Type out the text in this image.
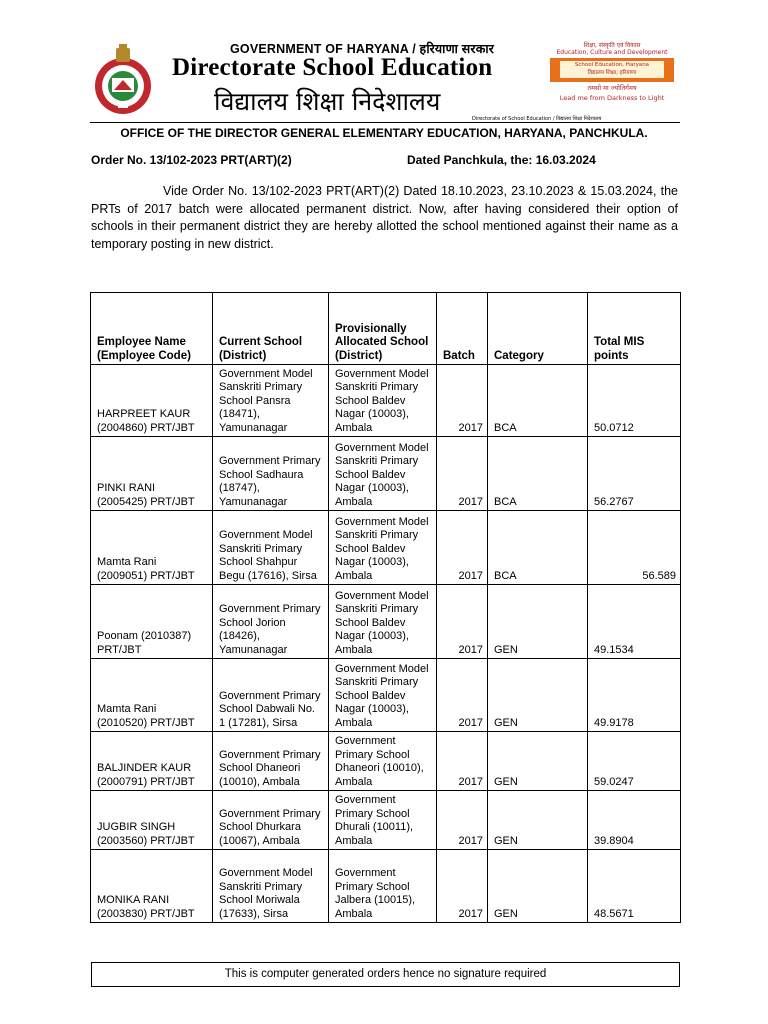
GOVERNMENT OF HARYANA / हरियाणा सरकार
Directorate School Education
विद्यालय शिक्षा निदेशालय
शिक्षा, संस्कृति एवं विकास
Education, Culture and Development
School Education, Haryana
विद्यालय शिक्षा, हरियाणा
तमसो मा ज्योतिर्गमय
Lead me from Darkness to Light
Directorate of School Education / विद्यालय शिक्षा निदेशालय
OFFICE OF THE DIRECTOR GENERAL ELEMENTARY EDUCATION, HARYANA, PANCHKULA.
Order No. 13/102-2023 PRT(ART)(2)	Dated Panchkula, the: 16.03.2024
Vide Order No. 13/102-2023 PRT(ART)(2) Dated 18.10.2023, 23.10.2023 & 15.03.2024, the PRTs of 2017 batch were allocated permanent district. Now, after having considered their option of schools in their permanent district they are hereby allotted the school mentioned against their name as a temporary posting in new district.
Employee Name (Employee Code)	Current School (District)	Provisionally Allocated School (District)	Batch	Category	Total MIS points
HARPREET KAUR (2004860) PRT/JBT	Government Model Sanskriti Primary School Pansra (18471), Yamunanagar	Government Model Sanskriti Primary School Baldev Nagar (10003), Ambala	2017	BCA	50.0712
PINKI RANI (2005425) PRT/JBT	Government Primary School Sadhaura (18747), Yamunanagar	Government Model Sanskriti Primary School Baldev Nagar (10003), Ambala	2017	BCA	56.2767
Mamta Rani (2009051) PRT/JBT	Government Model Sanskriti Primary School Shahpur Begu (17616), Sirsa	Government Model Sanskriti Primary School Baldev Nagar (10003), Ambala	2017	BCA	56.589
Poonam (2010387) PRT/JBT	Government Primary School Jorion (18426), Yamunanagar	Government Model Sanskriti Primary School Baldev Nagar (10003), Ambala	2017	GEN	49.1534
Mamta Rani (2010520) PRT/JBT	Government Primary School Dabwali No. 1 (17281), Sirsa	Government Model Sanskriti Primary School Baldev Nagar (10003), Ambala	2017	GEN	49.9178
BALJINDER KAUR (2000791) PRT/JBT	Government Primary School Dhaneori (10010), Ambala	Government Primary School Dhaneori (10010), Ambala	2017	GEN	59.0247
JUGBIR SINGH (2003560) PRT/JBT	Government Primary School Dhurkara (10067), Ambala	Government Primary School Dhurali (10011), Ambala	2017	GEN	39.8904
MONIKA RANI (2003830) PRT/JBT	Government Model Sanskriti Primary School Moriwala (17633), Sirsa	Government Primary School Jalbera (10015), Ambala	2017	GEN	48.5671
This is computer generated orders hence no signature required
